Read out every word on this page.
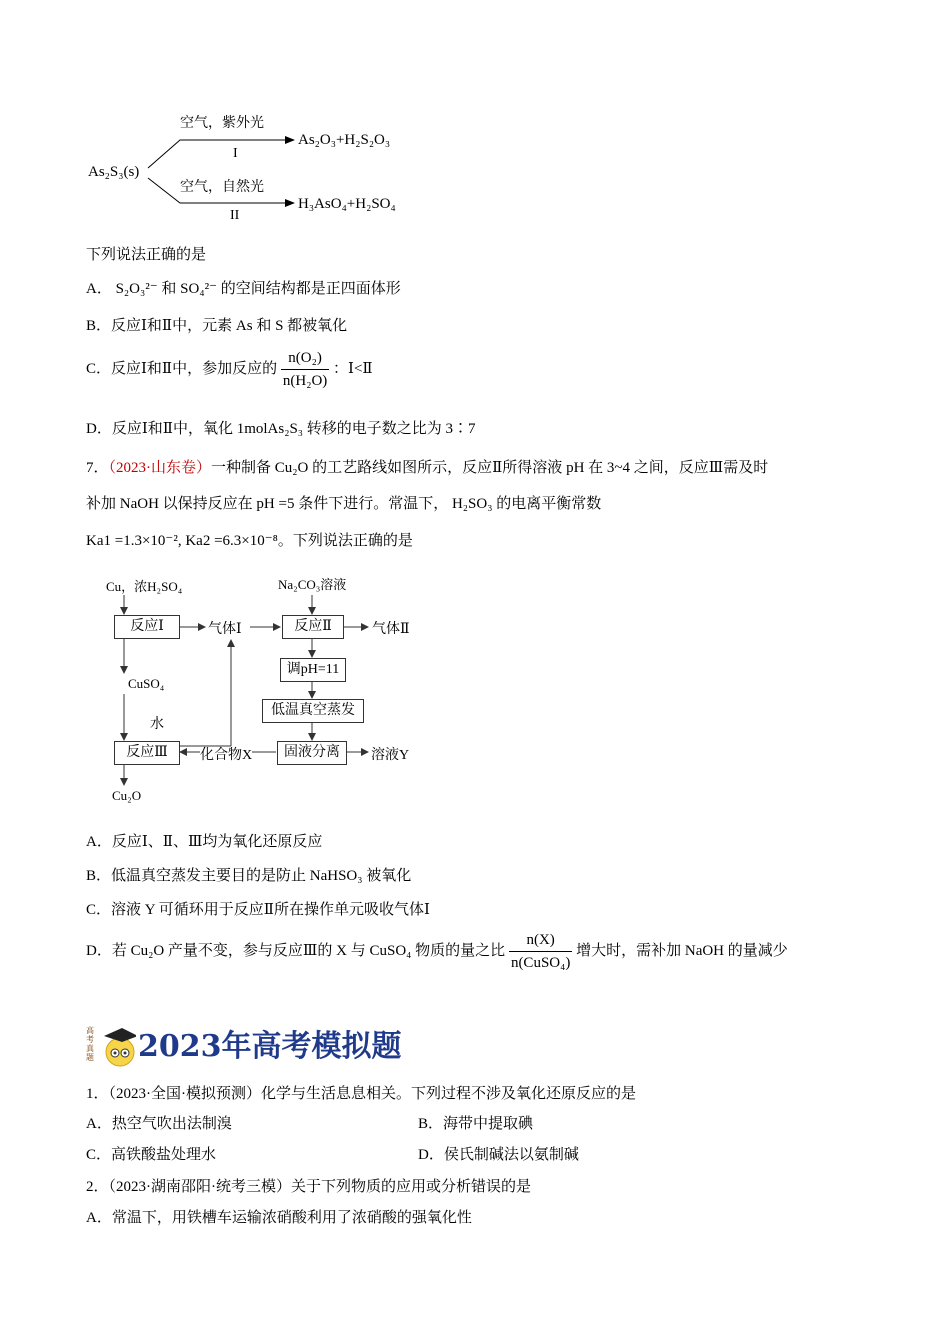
As₂S₃(s)
空气，紫外光
I
As₂O₃+H₂S₂O₃
空气，自然光
II
H₃AsO₄+H₂SO₄
下列说法正确的是
A． S₂O₃²⁻ 和 SO₄²⁻ 的空间结构都是正四面体形
B．反应Ⅰ和Ⅱ中，元素 As 和 S 都被氧化
C．反应Ⅰ和Ⅱ中，参加反应的 $\frac{\text{n(O₂)}}{\text{n(H₂O)}}$ ：Ⅰ<Ⅱ
D．反应Ⅰ和Ⅱ中，氧化 1molAs₂S₃ 转移的电子数之比为 3∶7
7．（2023·山东卷）一种制备 Cu₂O 的工艺路线如图所示，反应Ⅱ所得溶液 pH 在 3~4 之间，反应Ⅲ需及时
补加 NaOH 以保持反应在 pH =5 条件下进行。常温下， H₂SO₃ 的电离平衡常数
Ka1 =1.3×10⁻², Ka2 =6.3×10⁻⁸。下列说法正确的是
Cu，浓H₂SO₄	Na₂CO₃溶液
反应Ⅰ	气体Ⅰ	反应Ⅱ	气体Ⅱ
调pH=11
低温真空蒸发
CuSO₄
水
反应Ⅲ	化合物X	固液分离	溶液Y
Cu₂O
A．反应Ⅰ、Ⅱ、Ⅲ均为氧化还原反应
B．低温真空蒸发主要目的是防止 NaHSO₃ 被氧化
C．溶液 Y 可循环用于反应Ⅱ所在操作单元吸收气体Ⅰ
D．若 Cu₂O 产量不变，参与反应Ⅲ的 X 与 CuSO₄ 物质的量之比 $\frac{n(X)}{\text{n(CuSO₄)}}$ 增大时，需补加 NaOH 的量减少
高考真题 2023年高考模拟题
1．（2023·全国·模拟预测）化学与生活息息相关。下列过程不涉及氧化还原反应的是
A．热空气吹出法制溴	B．海带中提取碘
C．高铁酸盐处理水	D．侯氏制碱法以氨制碱
2．（2023·湖南邵阳·统考三模）关于下列物质的应用或分析错误的是
A．常温下，用铁槽车运输浓硝酸利用了浓硝酸的强氧化性
